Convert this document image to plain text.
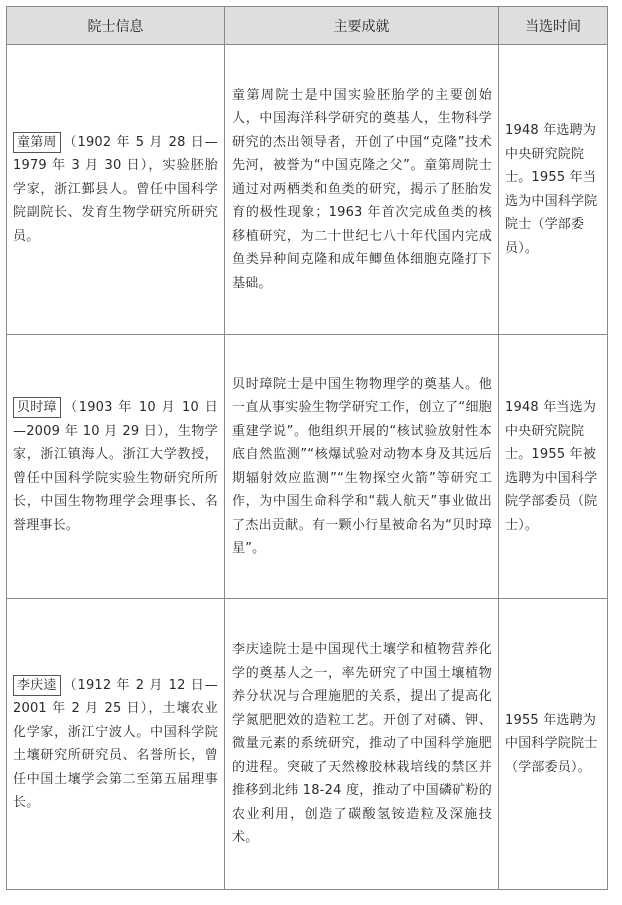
院士信息	主要成就	当选时间
童第周 （1902 年 5 月 28 日—1979 年 3 月 30 日），实验胚胎学家，浙江鄞县人。曾任中国科学院副院长、发育生物学研究所研究员。
童第周院士是中国实验胚胎学的主要创始人，中国海洋科学研究的奠基人，生物科学研究的杰出领导者，开创了中国“克隆”技术先河，被誉为“中国克隆之父”。童第周院士通过对两栖类和鱼类的研究，揭示了胚胎发育的极性现象；1963 年首次完成鱼类的核移植研究，为二十世纪七八十年代国内完成鱼类异种间克隆和成年鲫鱼体细胞克隆打下基础。
1948 年选聘为中央研究院院士。1955 年当选为中国科学院院士（学部委员）。
贝时璋 （1903 年 10 月 10 日—2009 年 10 月 29 日），生物学家，浙江镇海人。浙江大学教授，曾任中国科学院实验生物研究所所长，中国生物物理学会理事长、名誉理事长。
贝时璋院士是中国生物物理学的奠基人。他一直从事实验生物学研究工作，创立了“细胞重建学说”。他组织开展的“核试验放射性本底自然监测”“核爆试验对动物本身及其远后期辐射效应监测”“生物探空火箭”等研究工作，为中国生命科学和“载人航天”事业做出了杰出贡献。有一颗小行星被命名为“贝时璋星”。
1948 年当选为中央研究院院士。1955 年被选聘为中国科学院学部委员（院士）。
李庆逵 （1912 年 2 月 12 日—2001 年 2 月 25 日），土壤农业化学家，浙江宁波人。中国科学院土壤研究所研究员、名誉所长，曾任中国土壤学会第二至第五届理事长。
李庆逵院士是中国现代土壤学和植物营养化学的奠基人之一，率先研究了中国土壤植物养分状况与合理施肥的关系，提出了提高化学氮肥肥效的造粒工艺。开创了对磷、钾、微量元素的系统研究，推动了中国科学施肥的进程。突破了天然橡胶林栽培线的禁区并推移到北纬 18-24 度，推动了中国磷矿粉的农业利用，创造了碳酸氢铵造粒及深施技术。
1955 年选聘为中国科学院院士（学部委员）。
